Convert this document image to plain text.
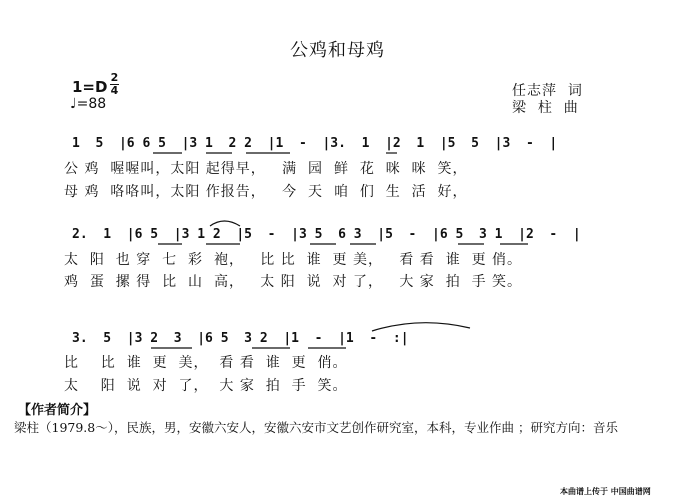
公鸡和母鸡
1=D
2
4
♩=88
任志萍  词
梁  柱  曲
1  5  |6 6 5  |3 1  2 2  |1  -  |3.  1  |2  1  |5  5  |3  -  |
公 鸡  喔喔叫，太阳 起得早，   满  园  鲜  花  咪  咪  笑，
母 鸡  咯咯叫，太阳 作报告，   今  天  咱  们  生  活  好，
2.  1  |6 5  |3 1 2  |5  -  |3 5  6 3  |5  -  |6 5  3 1  |2  -  |
太  阳  也 穿  七  彩  袍，   比 比  谁  更 美，   看 看  谁  更 俏。
鸡  蛋  摞 得  比  山  高，   太 阳  说  对 了，   大 家  拍  手 笑。
3.  5  |3 2  3  |6 5  3 2  |1  -  |1  -  :|
比    比  谁  更  美，  看 看  谁  更  俏。
太    阳  说  对  了，  大 家  拍  手  笑。
【作者简介】
梁柱（1979.8～），民族，男，安徽六安人，安徽六安市文艺创作研究室，本科，专业作曲 ；研究方向：音乐
本曲谱上传于 中国曲谱网
